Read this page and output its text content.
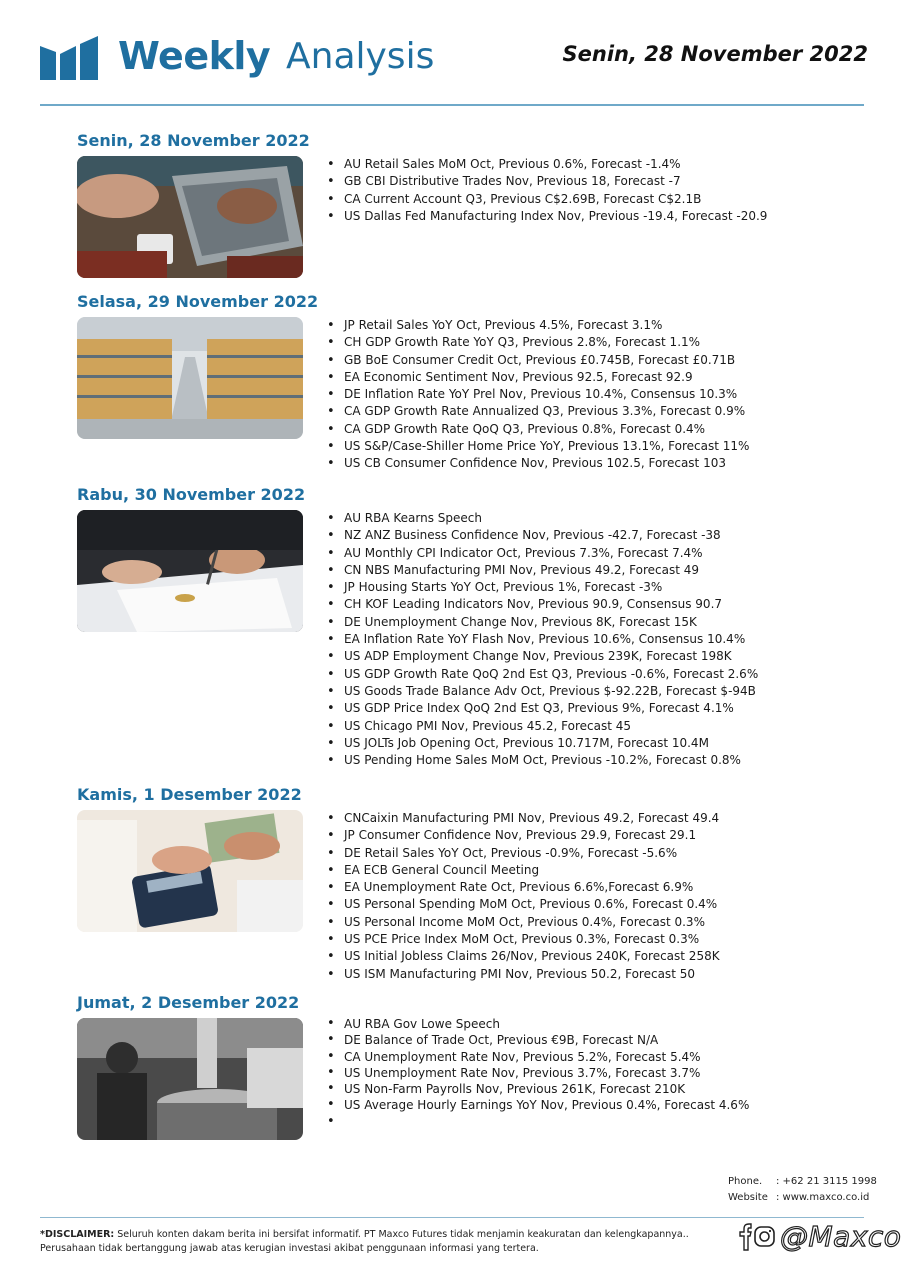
Weekly Analysis	Senin, 28 November 2022
Senin, 28 November 2022
• AU Retail Sales MoM Oct, Previous 0.6%, Forecast -1.4%
• GB CBI Distributive Trades Nov, Previous 18, Forecast -7
• CA Current Account Q3, Previous C$2.69B, Forecast C$2.1B
• US Dallas Fed Manufacturing Index Nov, Previous -19.4, Forecast -20.9
Selasa, 29 November 2022
• JP Retail Sales YoY Oct, Previous 4.5%, Forecast 3.1%
• CH GDP Growth Rate YoY Q3, Previous 2.8%, Forecast 1.1%
• GB BoE Consumer Credit Oct, Previous £0.745B, Forecast £0.71B
• EA Economic Sentiment Nov, Previous 92.5, Forecast 92.9
• DE Inflation Rate YoY Prel Nov, Previous 10.4%, Consensus 10.3%
• CA GDP Growth Rate Annualized Q3, Previous 3.3%, Forecast 0.9%
• CA GDP Growth Rate QoQ Q3, Previous 0.8%, Forecast 0.4%
• US S&P/Case-Shiller Home Price YoY, Previous 13.1%, Forecast 11%
• US CB Consumer Confidence Nov, Previous 102.5, Forecast 103
Rabu, 30 November 2022
• AU RBA Kearns Speech
• NZ ANZ Business Confidence Nov, Previous -42.7, Forecast -38
• AU Monthly CPI Indicator Oct, Previous 7.3%, Forecast 7.4%
• CN NBS Manufacturing PMI Nov, Previous 49.2, Forecast 49
• JP Housing Starts YoY Oct, Previous 1%, Forecast -3%
• CH KOF Leading Indicators Nov, Previous 90.9, Consensus 90.7
• DE Unemployment Change Nov, Previous 8K, Forecast 15K
• EA Inflation Rate YoY Flash Nov, Previous 10.6%, Consensus 10.4%
• US ADP Employment Change Nov, Previous 239K, Forecast 198K
• US GDP Growth Rate QoQ 2nd Est Q3, Previous -0.6%, Forecast 2.6%
• US Goods Trade Balance Adv Oct, Previous $-92.22B, Forecast $-94B
• US GDP Price Index QoQ 2nd Est Q3, Previous 9%, Forecast 4.1%
• US Chicago PMI Nov, Previous 45.2, Forecast 45
• US JOLTs Job Opening Oct, Previous 10.717M, Forecast 10.4M
• US Pending Home Sales MoM Oct, Previous -10.2%, Forecast 0.8%
Kamis, 1 Desember 2022
• CNCaixin Manufacturing PMI Nov, Previous 49.2, Forecast 49.4
• JP Consumer Confidence Nov, Previous 29.9, Forecast 29.1
• DE Retail Sales YoY Oct, Previous -0.9%, Forecast -5.6%
• EA ECB General Council Meeting
• EA Unemployment Rate Oct, Previous 6.6%,Forecast 6.9%
• US Personal Spending MoM Oct, Previous 0.6%, Forecast 0.4%
• US Personal Income MoM Oct, Previous 0.4%, Forecast 0.3%
• US PCE Price Index MoM Oct, Previous 0.3%, Forecast 0.3%
• US Initial Jobless Claims 26/Nov, Previous 240K, Forecast 258K
• US ISM Manufacturing PMI Nov, Previous 50.2, Forecast 50
Jumat, 2 Desember 2022
• AU RBA Gov Lowe Speech
• DE Balance of Trade Oct, Previous €9B, Forecast N/A
• CA Unemployment Rate Nov, Previous 5.2%, Forecast 5.4%
• US Unemployment Rate Nov, Previous 3.7%, Forecast 3.7%
• US Non-Farm Payrolls Nov, Previous 261K, Forecast 210K
• US Average Hourly Earnings YoY Nov, Previous 0.4%, Forecast 4.6%
•
Phone. : +62 21 3115 1998
Website : www.maxco.co.id
*DISCLAIMER: Seluruh konten dakam berita ini bersifat informatif. PT Maxco Futures tidak menjamin keakuratan dan kelengkapannya..
Perusahaan tidak bertanggung jawab atas kerugian investasi akibat penggunaan informasi yang tertera.	@Maxco
